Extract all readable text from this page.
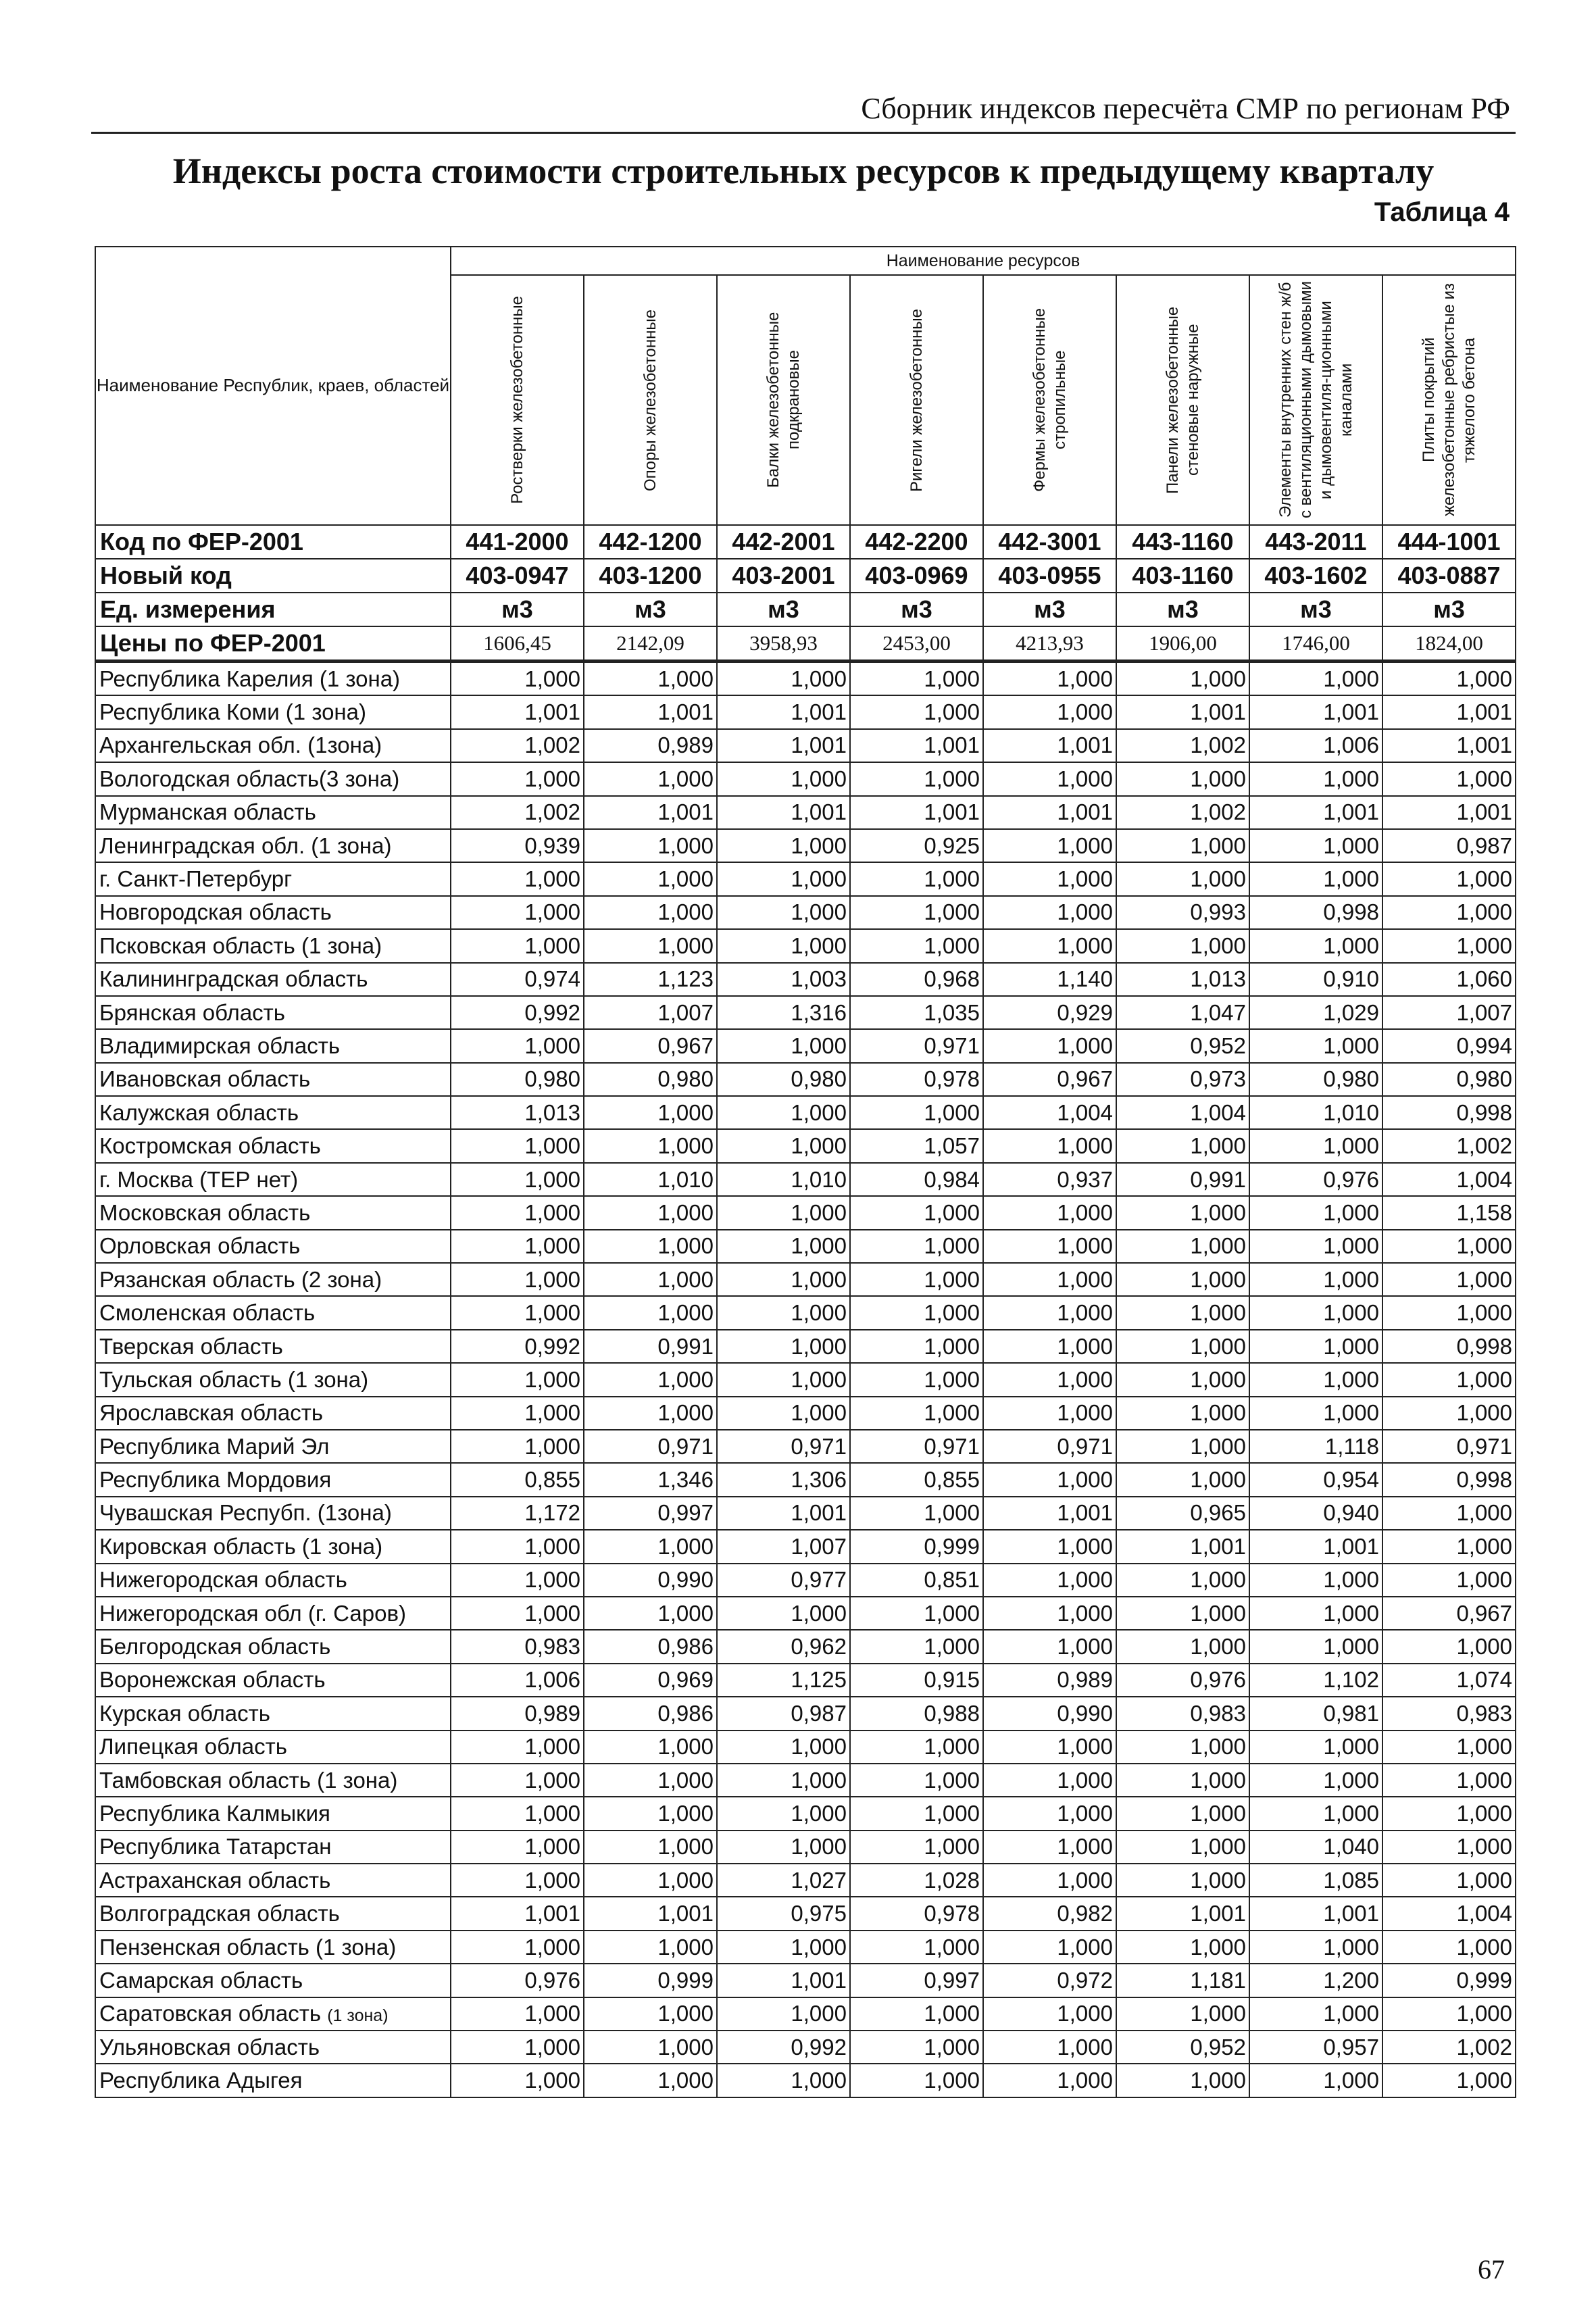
Сборник индексов пересчёта СМР по регионам РФ
Индексы роста стоимости строительных ресурсов к предыдущему кварталу
Таблица 4
Наименование Республик, краев, областей	Наименование ресурсов							

	Ростверки железобетонные	Опоры железобетонные	Балки железобетонные подкрановые	Ригели железобетонные	Фермы железобетонные стропильные	Панели железобетонные стеновые наружные	Элементы внутренних стен ж/б с вентиляционными дымовыми и дымовентиля-ционными каналами	Плиты покрытий железобетонные ребристые из тяжелого бетона

Код по ФЕР-2001	441-2000	442-1200	442-2001	442-2200	442-3001	443-1160	443-2011	444-1001
Новый код	403-0947	403-1200	403-2001	403-0969	403-0955	403-1160	403-1602	403-0887
Ед. измерения	м3	м3	м3	м3	м3	м3	м3	м3
Цены по ФЕР-2001	1606,45	2142,09	3958,93	2453,00	4213,93	1906,00	1746,00	1824,00
Республика Карелия (1 зона)	1,000	1,000	1,000	1,000	1,000	1,000	1,000	1,000
Республика Коми (1 зона)	1,001	1,001	1,001	1,000	1,000	1,001	1,001	1,001
Архангельская обл. (1зона)	1,002	0,989	1,001	1,001	1,001	1,002	1,006	1,001
Вологодская область(3 зона)	1,000	1,000	1,000	1,000	1,000	1,000	1,000	1,000
Мурманская область	1,002	1,001	1,001	1,001	1,001	1,002	1,001	1,001
Ленинградская обл. (1 зона)	0,939	1,000	1,000	0,925	1,000	1,000	1,000	0,987
г. Санкт-Петербург	1,000	1,000	1,000	1,000	1,000	1,000	1,000	1,000
Новгородская область	1,000	1,000	1,000	1,000	1,000	0,993	0,998	1,000
Псковская область (1 зона)	1,000	1,000	1,000	1,000	1,000	1,000	1,000	1,000
Калининградская область	0,974	1,123	1,003	0,968	1,140	1,013	0,910	1,060
Брянская область	0,992	1,007	1,316	1,035	0,929	1,047	1,029	1,007
Владимирская область	1,000	0,967	1,000	0,971	1,000	0,952	1,000	0,994
Ивановская область	0,980	0,980	0,980	0,978	0,967	0,973	0,980	0,980
Калужская область	1,013	1,000	1,000	1,000	1,004	1,004	1,010	0,998
Костромская область	1,000	1,000	1,000	1,057	1,000	1,000	1,000	1,002
г. Москва (ТЕР нет)	1,000	1,010	1,010	0,984	0,937	0,991	0,976	1,004
Московская область	1,000	1,000	1,000	1,000	1,000	1,000	1,000	1,158
Орловская область	1,000	1,000	1,000	1,000	1,000	1,000	1,000	1,000
Рязанская область (2 зона)	1,000	1,000	1,000	1,000	1,000	1,000	1,000	1,000
Смоленская область	1,000	1,000	1,000	1,000	1,000	1,000	1,000	1,000
Тверская область	0,992	0,991	1,000	1,000	1,000	1,000	1,000	0,998
Тульская область (1 зона)	1,000	1,000	1,000	1,000	1,000	1,000	1,000	1,000
Ярославская область	1,000	1,000	1,000	1,000	1,000	1,000	1,000	1,000
Республика Марий Эл	1,000	0,971	0,971	0,971	0,971	1,000	1,118	0,971
Республика Мордовия	0,855	1,346	1,306	0,855	1,000	1,000	0,954	0,998
Чувашская Респубп. (1зона)	1,172	0,997	1,001	1,000	1,001	0,965	0,940	1,000
Кировская область (1 зона)	1,000	1,000	1,007	0,999	1,000	1,001	1,001	1,000
Нижегородская область	1,000	0,990	0,977	0,851	1,000	1,000	1,000	1,000
Нижегородская обл (г. Саров)	1,000	1,000	1,000	1,000	1,000	1,000	1,000	0,967
Белгородская область	0,983	0,986	0,962	1,000	1,000	1,000	1,000	1,000
Воронежская область	1,006	0,969	1,125	0,915	0,989	0,976	1,102	1,074
Курская область	0,989	0,986	0,987	0,988	0,990	0,983	0,981	0,983
Липецкая область	1,000	1,000	1,000	1,000	1,000	1,000	1,000	1,000
Тамбовская область (1 зона)	1,000	1,000	1,000	1,000	1,000	1,000	1,000	1,000
Республика Калмыкия	1,000	1,000	1,000	1,000	1,000	1,000	1,000	1,000
Республика Татарстан	1,000	1,000	1,000	1,000	1,000	1,000	1,040	1,000
Астраханская область	1,000	1,000	1,027	1,028	1,000	1,000	1,085	1,000
Волгоградская область	1,001	1,001	0,975	0,978	0,982	1,001	1,001	1,004
Пензенская область (1 зона)	1,000	1,000	1,000	1,000	1,000	1,000	1,000	1,000
Самарская область	0,976	0,999	1,001	0,997	0,972	1,181	1,200	0,999
Саратовская область (1 зона)	1,000	1,000	1,000	1,000	1,000	1,000	1,000	1,000
Ульяновская область	1,000	1,000	0,992	1,000	1,000	0,952	0,957	1,002
Республика Адыгея	1,000	1,000	1,000	1,000	1,000	1,000	1,000	1,000
67
